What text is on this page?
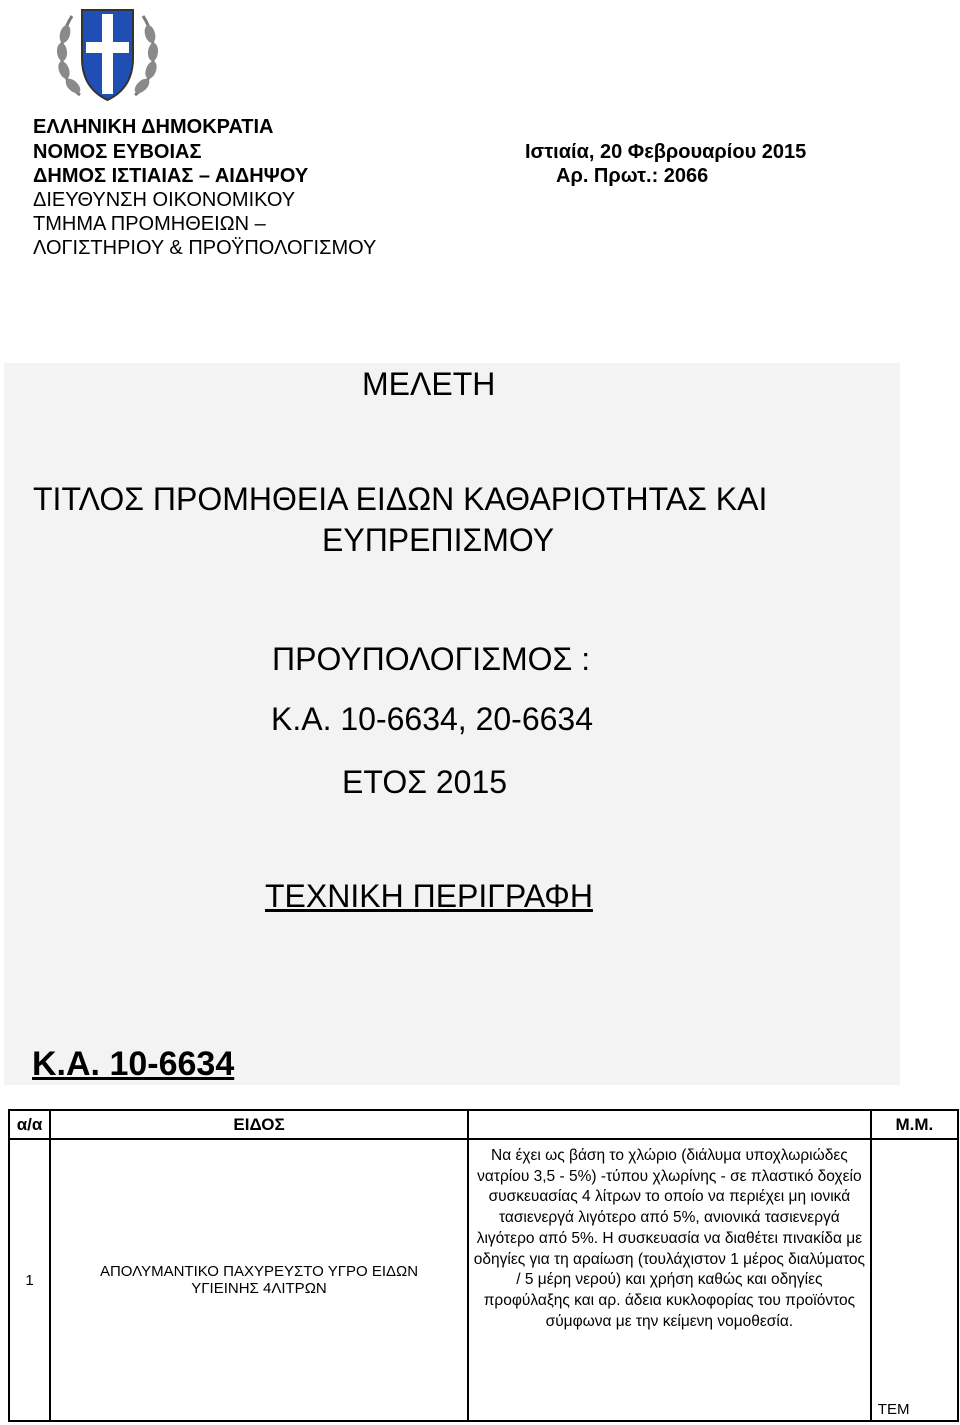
ΕΛΛΗΝΙΚΗ ΔΗΜΟΚΡΑΤΙΑ
ΝΟΜΟΣ ΕΥΒΟΙΑΣ
ΔΗΜΟΣ ΙΣΤΙΑΙΑΣ – ΑΙΔΗΨΟΥ
ΔΙΕΥΘΥΝΣΗ ΟΙΚΟΝΟΜΙΚΟΥ
ΤΜΗΜΑ ΠΡΟΜΗΘΕΙΩΝ –
ΛΟΓΙΣΤΗΡΙΟΥ & ΠΡΟΫΠΟΛΟΓΙΣΜΟΥ
Ιστιαία, 20 Φεβρουαρίου 2015
Αρ. Πρωτ.: 2066
ΜΕΛΕΤΗ
ΤΙΤΛΟΣ ΠΡΟΜΗΘΕΙΑ ΕΙΔΩΝ ΚΑΘΑΡΙΟΤΗΤΑΣ ΚΑΙ
ΕΥΠΡΕΠΙΣΜΟΥ
ΠΡΟΥΠΟΛΟΓΙΣΜΟΣ :
Κ.Α. 10-6634, 20-6634
ΕΤΟΣ 2015
ΤΕΧΝΙΚΗ ΠΕΡΙΓΡΑΦΗ
Κ.Α. 10-6634
α/α	ΕΙΔΟΣ		Μ.Μ.
1	ΑΠΟΛΥΜΑΝΤΙΚΟ ΠΑΧΥΡΕΥΣΤΟ ΥΓΡΟ ΕΙΔΩΝ ΥΓΙΕΙΝΗΣ 4ΛΙΤΡΩΝ	Να έχει ως βάση το χλώριο (διάλυμα υποχλωριώδες νατρίου 3,5 - 5%) -τύπου χλωρίνης - σε πλαστικό δοχείο συσκευασίας 4 λίτρων το οποίο να περιέχει μη ιονικά τασιενεργά λιγότερο από 5%, ανιονικά τασιενεργά λιγότερο από 5%. Η συσκευασία να διαθέτει πινακίδα με οδηγίες για τη αραίωση (τουλάχιστον 1 μέρος διαλύματος / 5 μέρη νερού) και χρήση καθώς και οδηγίες προφύλαξης και αρ. άδεια κυκλοφορίας του προϊόντος σύμφωνα με την κείμενη νομοθεσία.	ΤΕΜ
